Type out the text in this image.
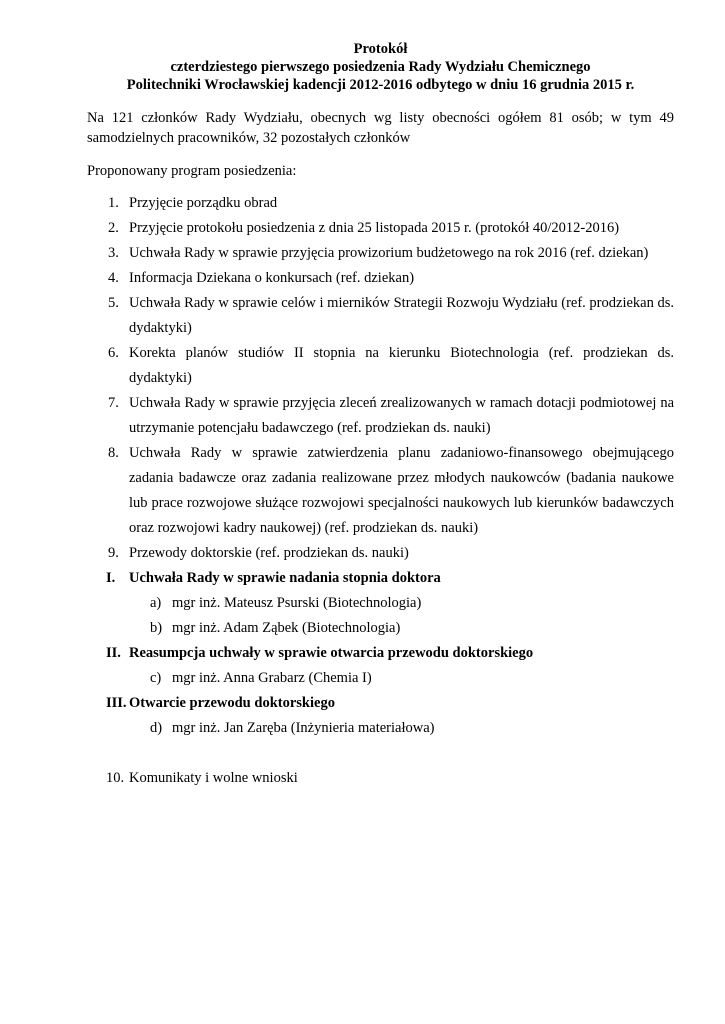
Protokół
czterdziestego pierwszego posiedzenia Rady Wydziału Chemicznego
Politechniki Wrocławskiej kadencji 2012-2016 odbytego w dniu 16 grudnia 2015 r.

Na 121 członków Rady Wydziału, obecnych wg listy obecności ogółem 81 osób; w tym 49 samodzielnych pracowników, 32 pozostałych członków

Proponowany program posiedzenia:

1. Przyjęcie porządku obrad
2. Przyjęcie protokołu posiedzenia z dnia 25 listopada 2015 r. (protokół 40/2012-2016)
3. Uchwała Rady w sprawie przyjęcia prowizorium budżetowego na rok 2016 (ref. dziekan)
4. Informacja Dziekana o konkursach (ref. dziekan)
5. Uchwała Rady w sprawie celów i mierników Strategii Rozwoju Wydziału (ref. prodziekan ds. dydaktyki)
6. Korekta planów studiów II stopnia na kierunku Biotechnologia (ref. prodziekan ds. dydaktyki)
7. Uchwała Rady w sprawie przyjęcia zleceń zrealizowanych w ramach dotacji podmiotowej na utrzymanie potencjału badawczego (ref. prodziekan ds. nauki)
8. Uchwała Rady w sprawie zatwierdzenia planu zadaniowo-finansowego obejmującego zadania badawcze oraz zadania realizowane przez młodych naukowców (badania naukowe lub prace rozwojowe służące rozwojowi specjalności naukowych lub kierunków badawczych oraz rozwojowi kadry naukowej) (ref. prodziekan ds. nauki)
9. Przewody doktorskie (ref. prodziekan ds. nauki)
I. Uchwała Rady w sprawie nadania stopnia doktora
a) mgr inż. Mateusz Psurski (Biotechnologia)
b) mgr inż. Adam Ząbek (Biotechnologia)
II. Reasumpcja uchwały w sprawie otwarcia przewodu doktorskiego
c) mgr inż. Anna Grabarz (Chemia I)
III. Otwarcie przewodu doktorskiego
d) mgr inż. Jan Zaręba (Inżynieria materiałowa)
10. Komunikaty i wolne wnioski
